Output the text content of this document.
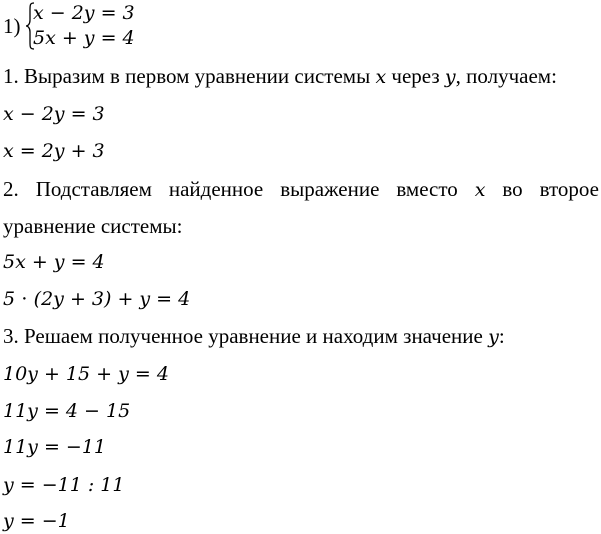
1)
x − 2y = 3
5x + y = 4
1. Выразим в первом уравнении системы x через y, получаем:
x − 2y = 3
x = 2y + 3
2. Подставляем найденное выражение вместо x во второе
уравнение системы:
5x + y = 4
5 ⋅ (2y + 3) + y = 4
3. Решаем полученное уравнение и находим значение y:
10y + 15 + y = 4
11y = 4 − 15
11y = −11
y = −11 : 11
y = −1
